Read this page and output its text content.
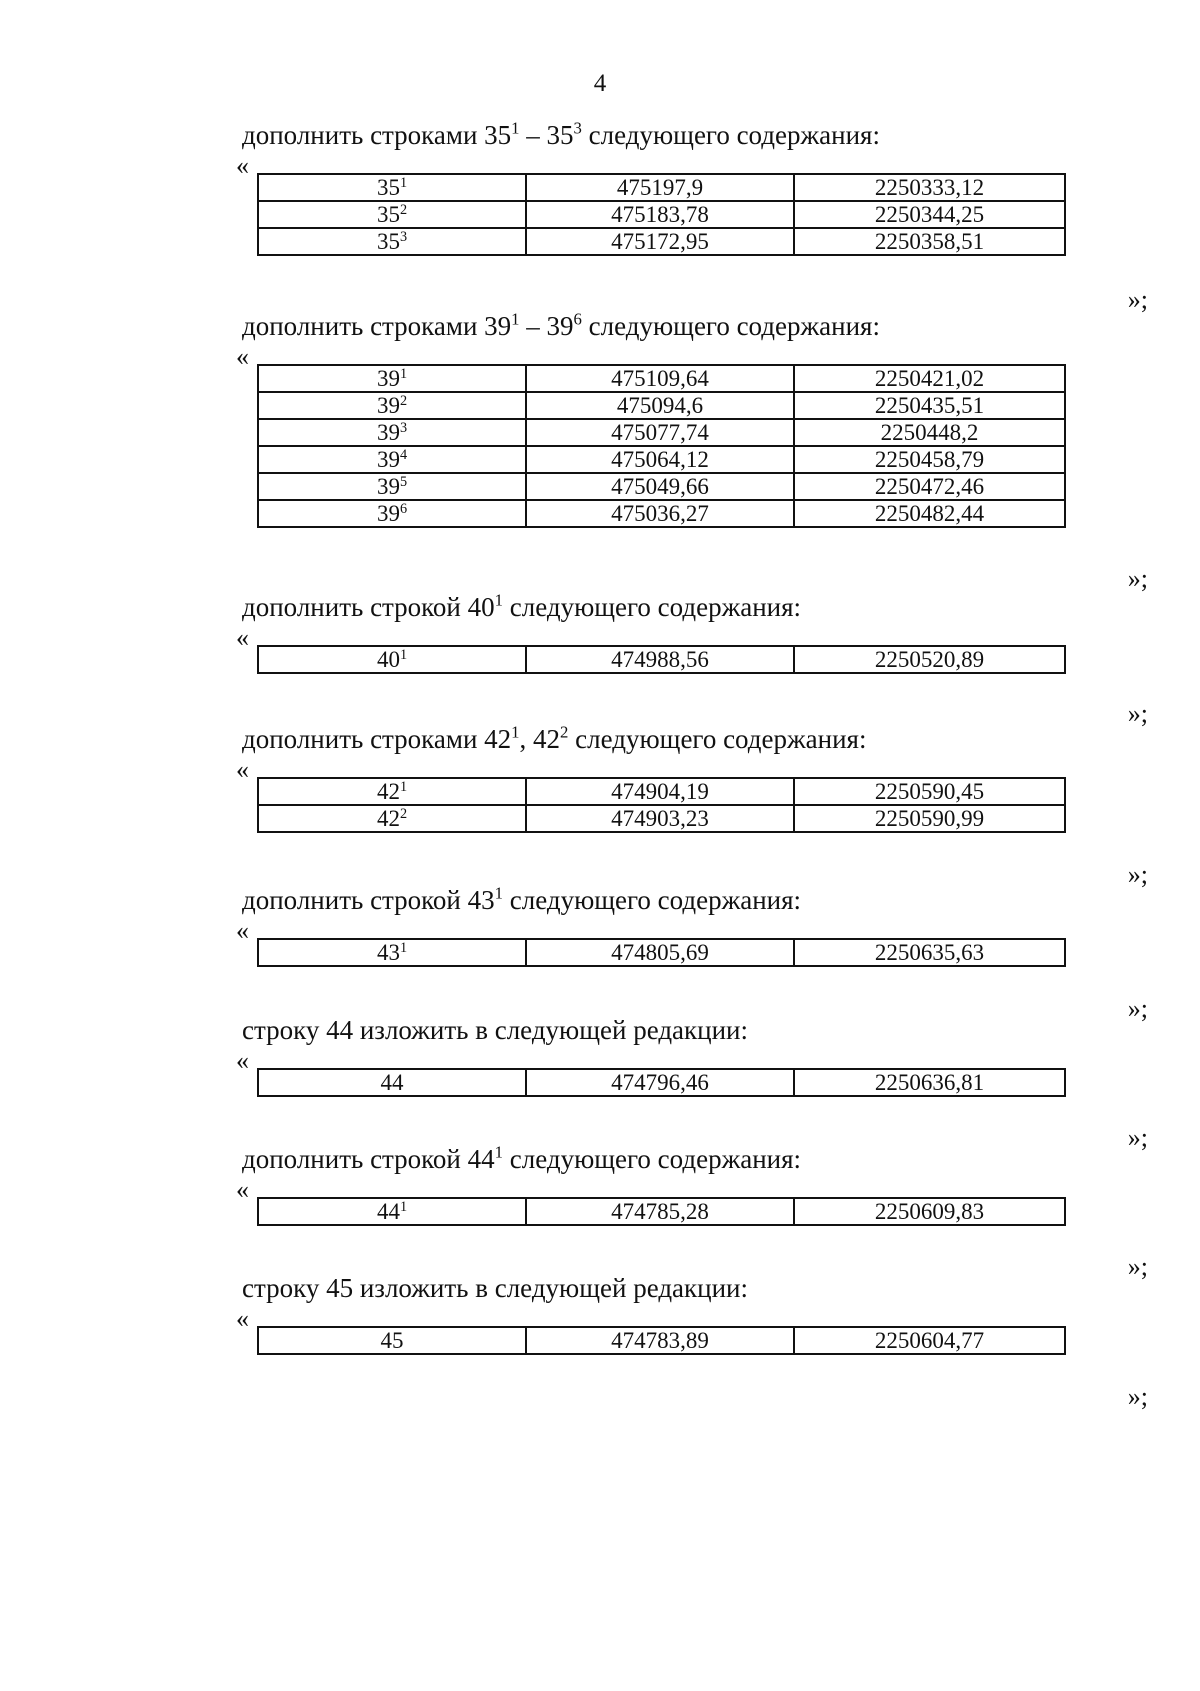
4
дополнить строками $35^1 - 35^3$ следующего содержания:
«
$35^1$	475197,9	2250333,12
$35^2$	475183,78	2250344,25
$35^3$	475172,95	2250358,51
»;
дополнить строками $39^1 - 39^6$ следующего содержания:
«
$39^1$	475109,64	2250421,02
$39^2$	475094,6	2250435,51
$39^3$	475077,74	2250448,2
$39^4$	475064,12	2250458,79
$39^5$	475049,66	2250472,46
$39^6$	475036,27	2250482,44
»;
дополнить строкой $40^1$ следующего содержания:
«
$40^1$	474988,56	2250520,89
»;
дополнить строками $42^1$, $42^2$ следующего содержания:
«
$42^1$	474904,19	2250590,45
$42^2$	474903,23	2250590,99
»;
дополнить строкой $43^1$ следующего содержания:
«
$43^1$	474805,69	2250635,63
»;
строку 44 изложить в следующей редакции:
«
44	474796,46	2250636,81
»;
дополнить строкой $44^1$ следующего содержания:
«
$44^1$	474785,28	2250609,83
»;
строку 45 изложить в следующей редакции:
«
45	474783,89	2250604,77
»;
